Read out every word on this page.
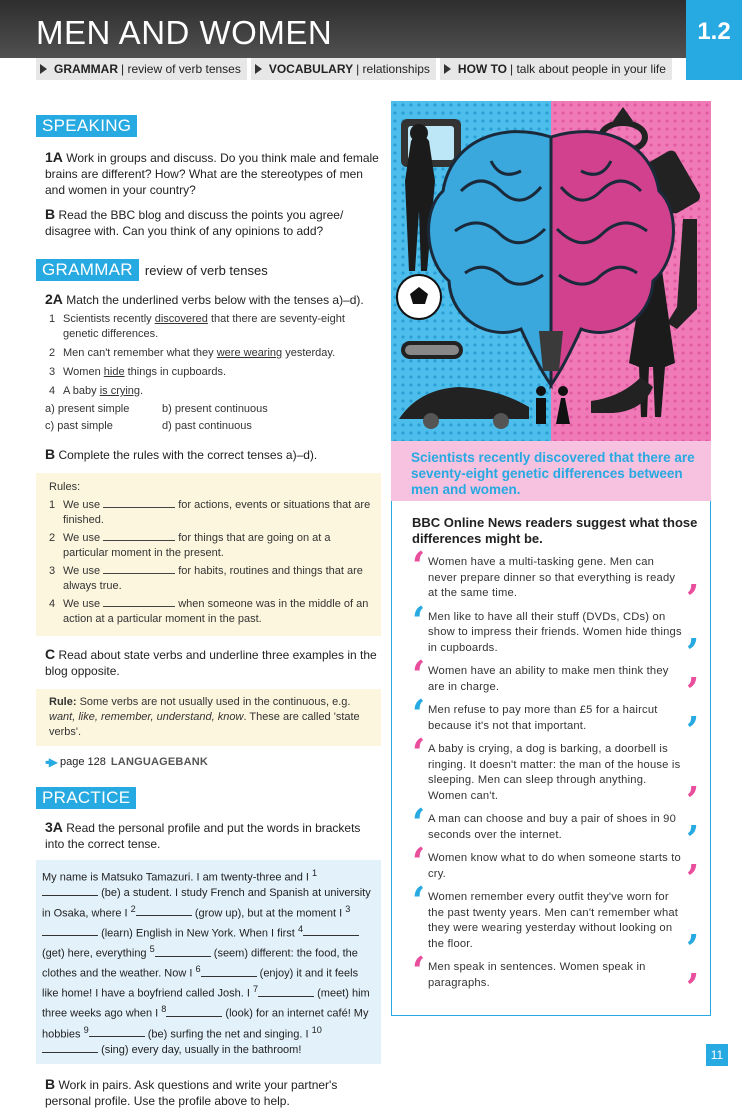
MEN AND WOMEN	1.2
GRAMMAR | review of verb tenses VOCABULARY | relationships HOW TO | talk about people in your life
SPEAKING

1A Work in groups and discuss. Do you think male and female brains are different? How? What are the stereotypes of men and women in your country?

B Read the BBC blog and discuss the points you agree/ disagree with. Can you think of any opinions to add?

GRAMMAR review of verb tenses

2A Match the underlined verbs below with the tenses a)–d).

1 Scientists recently discovered that there are seventy-eight genetic differences.
2 Men can't remember what they were wearing yesterday.
3 Women hide things in cupboards.
4 A baby is crying.
a) present simple	b) present continuous
c) past simple	d) past continuous

B Complete the rules with the correct tenses a)–d).

Rules:
1 We use	for actions, events or situations that are finished.
2 We use	for things that are going on at a particular moment in the present.
3 We use	for habits, routines and things that are always true.
4 We use	when someone was in the middle of an action at a particular moment in the past.

C Read about state verbs and underline three examples in the blog opposite.

Rule: Some verbs are not usually used in the continuous, e.g. want, like, remember, understand, know. These are called 'state verbs'.
▪▪▪▶ page 128 LANGUAGEBANK
PRACTICE

3A Read the personal profile and put the words in brackets into the correct tense.

My name is Matsuko Tamazuri. I am twenty-three and I $^1$ (be) a student. I study French and Spanish at university in Osaka, where I $^2$	(grow up), but at the moment I $^3$ (learn) English in New York. When I first $^4$ (get) here, everything $^5$	(seem) different: the food, the clothes and the weather. Now I $^6$	(enjoy) it and it feels like home! I have a boyfriend called Josh. I $^7$	(meet) him three weeks ago when I $^8$	(look) for an internet café! My hobbies $^9$	(be) surfing the net and singing. I $^{10}$ (sing) every day, usually in the bathroom!

B Work in pairs. Ask questions and write your partner's personal profile. Use the profile above to help.

Scientists recently discovered that there are seventy-eight genetic differences between men and women.
BBC Online News readers suggest what those differences might be.
‘ Women have a multi-tasking gene. Men can never prepare dinner so that everything is ready at the same time.	’
‘ Men like to have all their stuff (DVDs, CDs) on show to impress their friends. Women hide things in cupboards.	’
‘ Women have an ability to make men think they are in charge.	’
‘ Men refuse to pay more than £5 for a haircut because it's not that important.	’
‘ A baby is crying, a dog is barking, a doorbell is ringing. It doesn't matter: the man of the house is sleeping. Men can sleep through anything. Women can't.	’
‘ A man can choose and buy a pair of shoes in 90 seconds over the internet.	’
‘ Women know what to do when someone starts to cry.	’
‘ Women remember every outfit they've worn for the past twenty years. Men can't remember what they were wearing yesterday without looking on the floor.	’
‘ Men speak in sentences. Women speak in paragraphs.	’
11
